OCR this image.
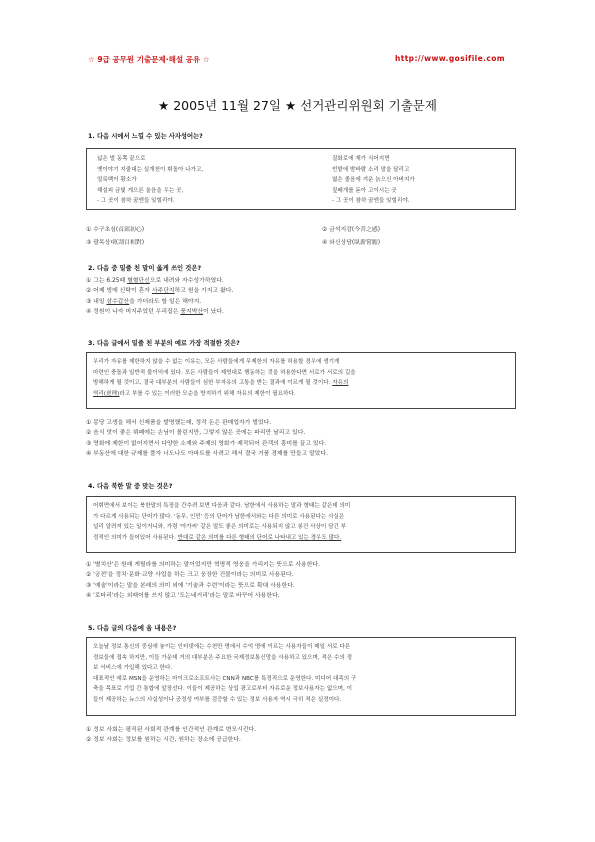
☆ 9급 공무원 기출문제·해설 공유 ☆	http://www.gosifile.com
★ 2005년 11월 27일 ★ 선거관리위원회 기출문제
1. 다음 시에서 느낄 수 있는 사자성어는?
넓은 벌 동쪽 끝으로
옛이야기 지줄대는 실개천이 휘돌아 나가고,
얼룩백이 황소가
해설피 금빛 게으른 울음을 우는 곳,
- 그 곳이 참하 꿈엔들 잊힐리야.
질화로에 재가 식어지면
빈밭에 밤바람 소리 말을 달리고
엷은 졸음에 겨운 늙으신 아버지가
짚베개를 돋아 고이시는 곳
- 그 곳이 참하 꿈엔들 잊힐리야.
① 수구초심(首邱初心)	② 금석지감(今昔之感)
③ 괄목상대(刮目相對)	④ 와신상담(臥薪嘗膽)
2. 다음 중 밑줄 친 말이 옳게 쓰인 것은?
① 그는 6.25때 혈혈단신으로 내려와 자수성가하였다.
② 어제 빙에 신탁이 혼자 사주단지하고 원을 가지고 왔다.
③ 내일 삼수갑산을 가더라도 할 일은 해야지.
④ 정원이 나자 머지주었던 우리집은 풍지박산이 났다.
3. 다음 글에서 밑줄 친 부분의 예로 가장 적절한 것은?

우리가 자유를 제한하지 않을 수 없는 이유는, 모든 사람들에게 무제한의 자유를 허용할 경우에 생기게

마련인 충돌과 일반적 불이익에 있다. 모든 사람들이 제멋대로 행동하는 것을 허용한다면 서로가 서로의 길을

방해하게 될 것이고, 결국 대부분의 사람들이 심한 부자유의 고통을 받는 결과에 이르게 될 것이다. 자유의

역리(逆理)라고 부를 수 있는 이러한 모순을 방지하기 위해 자유의 제한이 필요하다.

① 몽당 고생을 해서 신제품을 발명했는데, 정작 돈은 판매업자가 벌었다.
② 음식 맛이 좋은 뷔페에는 손님이 몰린지만, 그렇지 않은 곳에는 파리만 날리고 있다.
③ 영화에 제한이 없어지면서 다양한 소재와 주제의 영화가 제작되어 관객의 흥미를 끌고 있다.
④ 부동산에 대한 규제를 풀자 너도나도 아파트를 사려고 해서 결국 거품 경제를 만들고 말았다.
4. 다음 북한 말 중 맞는 것은?

어휘면에서 보이는 북한말의 특징을 간추려 보면 다음과 같다. 남한에서 사용하는 말과 형태는 같은데 의미

가 다르게 사용되는 단어가 많다. '동무, 인민' 등의 단어가 남한에서와는 다른 의미로 사용된다는 사실은

널리 알려져 있는 일이거니와, 가령 '아가씨' 같은 말도 좋은 의미로는 사용되지 않고 봉건 사상이 담긴 부

정적인 의미가 들어있어 사용된다. 반대로 같은 의미를 다른 형태의 단어로 나타내고 있는 경우도 많다.

① '별치산'은 원래 게릴라를 의미하는 말이었지만 혁명적 영웅을 가리키는 뜻으로 사용한다.
② '궁전'을 정치·문화·교양 사업을 하는 크고 웅장한 건물이라는 의미로 사용된다.
③ '예술'이라는 말을 본래의 의미 외에 '기술과 수련'이라는 뜻으로 확대 사용한다.
④ '로타리'라는 외래어를 쓰지 않고 '도는네거리'라는 말로 바꾸어 사용한다.
5. 다음 글의 다음에 올 내용은?

오늘날 정보 통신의 중심에 놓이는 인터넷에는 수천만 명에서 수억 명에 이르는 사용자들이 매일 서로 다른

정보들에 접속 하지만, 이들 가운데 거의 대부분은 주요한 국제정보통신망을 사용하고 있으며, 적은 수의 정

보 서비스에 가입해 있다고 한다.

대표적인 예로 MSN을 운영하는 마이크로소프트사는 CNN과 NBC를 특정적으로 운영한다. 미디어 대족의 구

축을 목표로 기업 간 통합에 앞장선다. 이들이 제공하는 상업 광고로부터 자유로운 정보사용자는 없으며, 이

들이 제공하는 뉴스의 사실성이나 공정성 여부를 검증할 수 있는 정보 사용자 역시 극히 적은 실정이다.

① 정보 사회는 평직된 사회적 관계를 인간적인 관계로 변모시킨다.
② 정보 사회는 정보를 원하는 시간, 원하는 장소에 공급한다.
